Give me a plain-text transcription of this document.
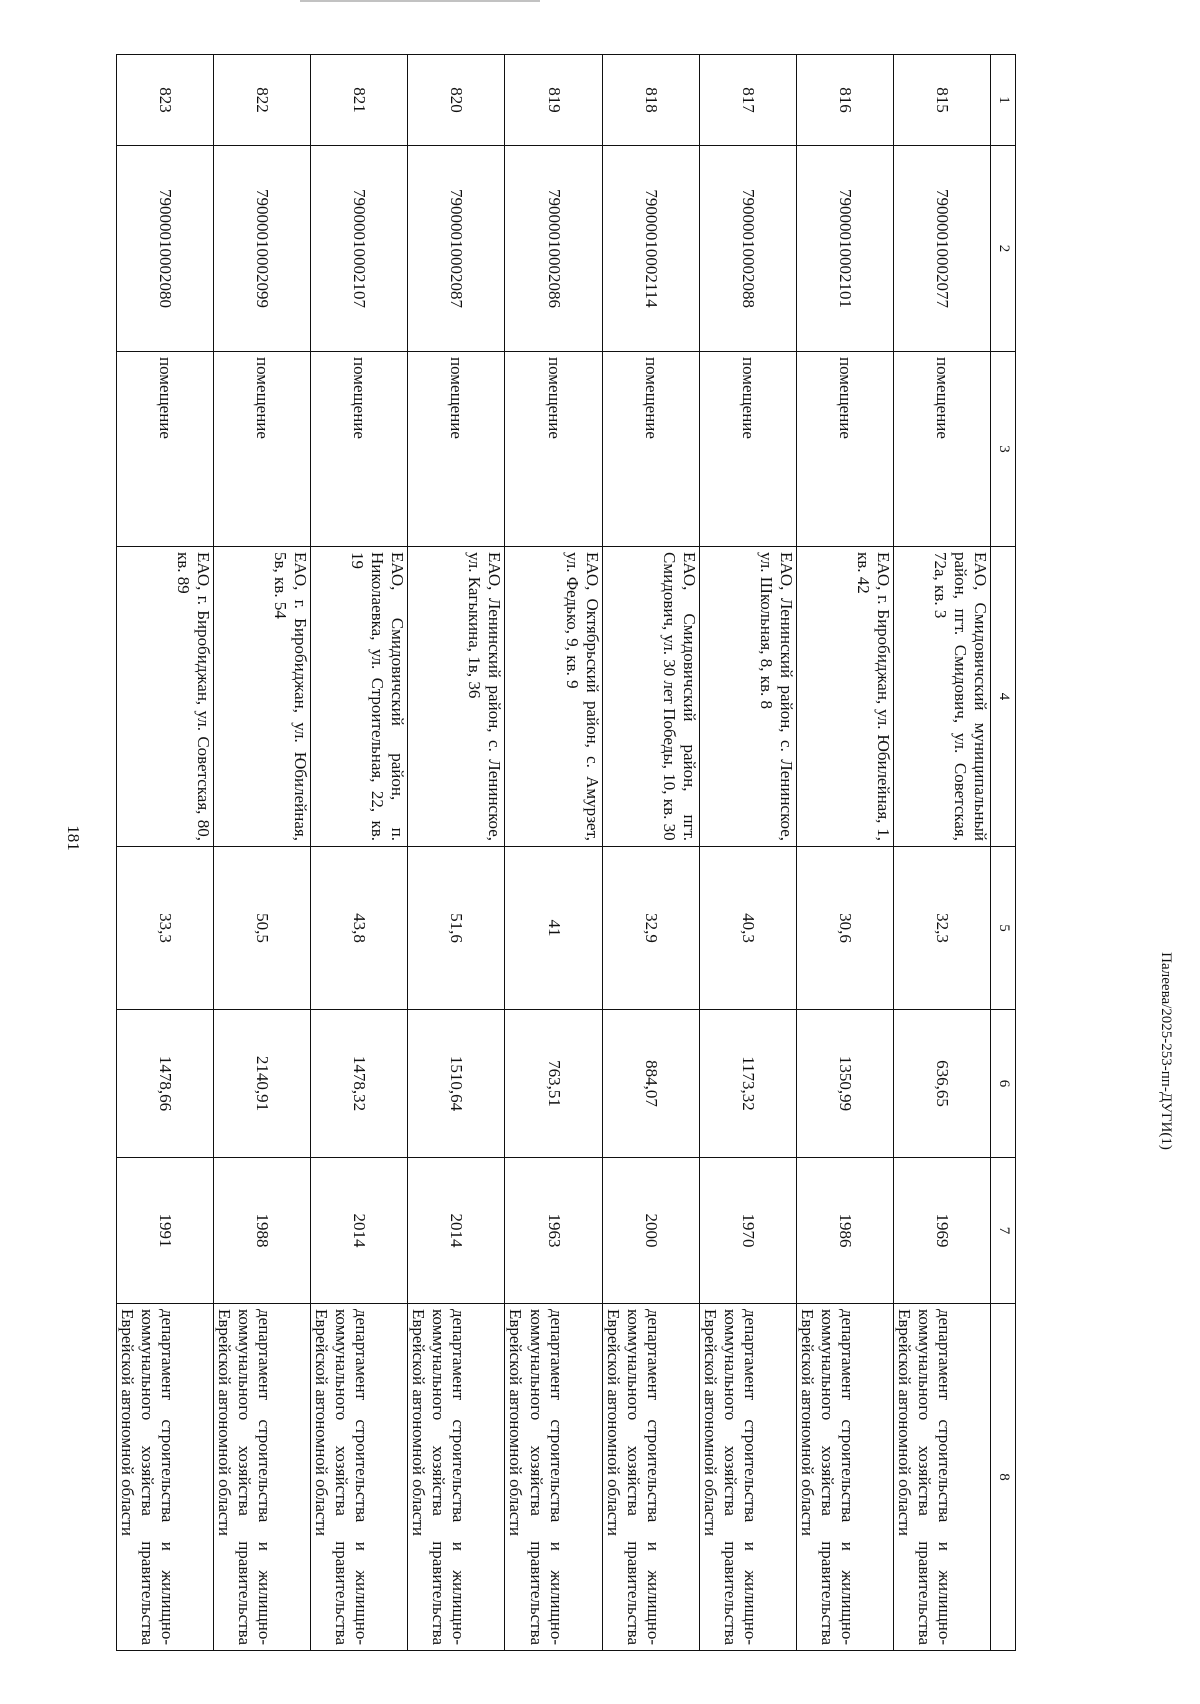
181
1	2	3	4	5	6	7	8
815	79000010002077	помещение	ЕАО, Смидовичский муниципальный район, пгт. Смидович, ул. Советская, 72а, кв. 3	32,3	636,65	1969	департамент строительства и жилищно-коммунального хозяйства правительства Еврейской автономной области
816	79000010002101	помещение	ЕАО, г. Биробиджан, ул. Юбилейная, 1, кв. 42	30,6	1350,99	1986	департамент строительства и жилищно-коммунального хозяйства правительства Еврейской автономной области
817	79000010002088	помещение	ЕАО, Ленинский район, с. Ленинское, ул. Школьная, 8, кв. 8	40,3	1173,32	1970	департамент строительства и жилищно-коммунального хозяйства правительства Еврейской автономной области
818	79000010002114	помещение	ЕАО, Смидовичский район, пгт. Смидович, ул. 30 лет Победы, 10, кв. 30	32,9	884,07	2000	департамент строительства и жилищно-коммунального хозяйства правительства Еврейской автономной области
819	79000010002086	помещение	ЕАО, Октябрьский район, с. Амурзет, ул. Федько, 9, кв. 9	41	763,51	1963	департамент строительства и жилищно-коммунального хозяйства правительства Еврейской автономной области
820	79000010002087	помещение	ЕАО, Ленинский район, с. Ленинское, ул. Кагыкина, 1в, 36	51,6	1510,64	2014	департамент строительства и жилищно-коммунального хозяйства правительства Еврейской автономной области
821	79000010002107	помещение	ЕАО, Смидовичский район, п. Николаевка, ул. Строительная, 22, кв. 19	43,8	1478,32	2014	департамент строительства и жилищно-коммунального хозяйства правительства Еврейской автономной области
822	79000010002099	помещение	ЕАО, г. Биробиджан, ул. Юбилейная, 5в, кв. 54	50,5	2140,91	1988	департамент строительства и жилищно-коммунального хозяйства правительства Еврейской автономной области
823	79000010002080	помещение	ЕАО, г. Биробиджан, ул. Советская, 80, кв. 89	33,3	1478,66	1991	департамент строительства и жилищно-коммунального хозяйства правительства Еврейской автономной области
Палеева/2025-253-пп-ДУГИ(1)
